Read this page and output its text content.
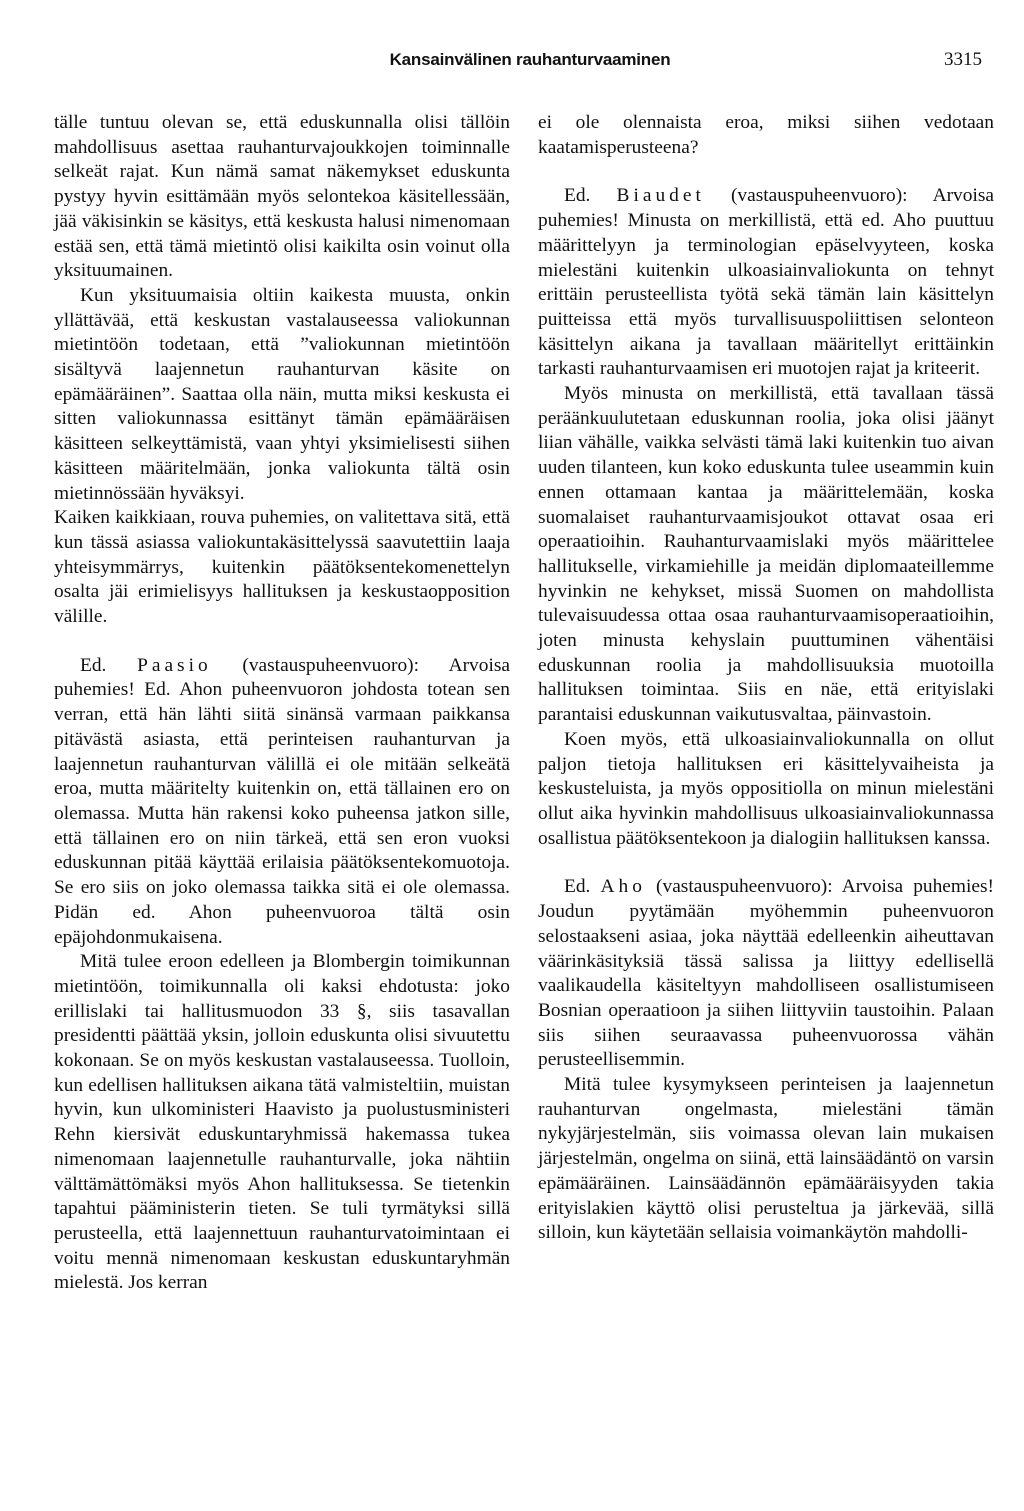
Kansainvälinen rauhanturvaaminen	3315

tälle tuntuu olevan se, että eduskunnalla olisi tällöin mahdollisuus asettaa rauhanturvajoukkojen toiminnalle selkeät rajat. Kun nämä samat näkemykset eduskunta pystyy hyvin esittämään myös selontekoa käsitellessään, jää väkisinkin se käsitys, että keskusta halusi nimenomaan estää sen, että tämä mietintö olisi kaikilta osin voinut olla yksituumainen.

Kun yksituumaisia oltiin kaikesta muusta, onkin yllättävää, että keskustan vastalauseessa valiokunnan mietintöön todetaan, että ”valiokunnan mietintöön sisältyvä laajennetun rauhanturvan käsite on epämääräinen”. Saattaa olla näin, mutta miksi keskusta ei sitten valiokunnassa esittänyt tämän epämääräisen käsitteen selkeyttämistä, vaan yhtyi yksimielisesti siihen käsitteen määritelmään, jonka valiokunta tältä osin mietinnössään hyväksyi.

Kaiken kaikkiaan, rouva puhemies, on valitettava sitä, että kun tässä asiassa valiokuntakäsittelyssä saavutettiin laaja yhteisymmärrys, kuitenkin päätöksentekomenettelyn osalta jäi erimielisyys hallituksen ja keskustaopposition välille.

Ed. Paasio (vastauspuheenvuoro): Arvoisa puhemies! Ed. Ahon puheenvuoron johdosta totean sen verran, että hän lähti siitä sinänsä varmaan paikkansa pitävästä asiasta, että perinteisen rauhanturvan ja laajennetun rauhanturvan välillä ei ole mitään selkeätä eroa, mutta määritelty kuitenkin on, että tällainen ero on olemassa. Mutta hän rakensi koko puheensa jatkon sille, että tällainen ero on niin tärkeä, että sen eron vuoksi eduskunnan pitää käyttää erilaisia päätöksentekomuotoja. Se ero siis on joko olemassa taikka sitä ei ole olemassa. Pidän ed. Ahon puheenvuoroa tältä osin epäjohdonmukaisena.

Mitä tulee eroon edelleen ja Blombergin toimikunnan mietintöön, toimikunnalla oli kaksi ehdotusta: joko erillislaki tai hallitusmuodon 33 §, siis tasavallan presidentti päättää yksin, jolloin eduskunta olisi sivuutettu kokonaan. Se on myös keskustan vastalauseessa. Tuolloin, kun edellisen hallituksen aikana tätä valmisteltiin, muistan hyvin, kun ulkoministeri Haavisto ja puolustusministeri Rehn kiersivät eduskuntaryhmissä hakemassa tukea nimenomaan laajennetulle rauhanturvalle, joka nähtiin välttämättömäksi myös Ahon hallituksessa. Se tietenkin tapahtui pääministerin tieten. Se tuli tyrmätyksi sillä perusteella, että laajennettuun rauhanturvatoimintaan ei voitu mennä nimenomaan keskustan eduskuntaryhmän mielestä. Jos kerran

ei ole olennaista eroa, miksi siihen vedotaan kaatamisperusteena?

Ed. Biaudet (vastauspuheenvuoro): Arvoisa puhemies! Minusta on merkillistä, että ed. Aho puuttuu määrittelyyn ja terminologian epäselvyyteen, koska mielestäni kuitenkin ulkoasiainvaliokunta on tehnyt erittäin perusteellista työtä sekä tämän lain käsittelyn puitteissa että myös turvallisuuspoliittisen selonteon käsittelyn aikana ja tavallaan määritellyt erittäinkin tarkasti rauhanturvaamisen eri muotojen rajat ja kriteerit.

Myös minusta on merkillistä, että tavallaan tässä peräänkuulutetaan eduskunnan roolia, joka olisi jäänyt liian vähälle, vaikka selvästi tämä laki kuitenkin tuo aivan uuden tilanteen, kun koko eduskunta tulee useammin kuin ennen ottamaan kantaa ja määrittelemään, koska suomalaiset rauhanturvaamisjoukot ottavat osaa eri operaatioihin. Rauhanturvaamislaki myös määrittelee hallitukselle, virkamiehille ja meidän diplomaateillemme hyvinkin ne kehykset, missä Suomen on mahdollista tulevaisuudessa ottaa osaa rauhanturvaamisoperaatioihin, joten minusta kehyslain puuttuminen vähentäisi eduskunnan roolia ja mahdollisuuksia muotoilla hallituksen toimintaa. Siis en näe, että erityislaki parantaisi eduskunnan vaikutusvaltaa, päinvastoin.

Koen myös, että ulkoasiainvaliokunnalla on ollut paljon tietoja hallituksen eri käsittelyvaiheista ja keskusteluista, ja myös oppositiolla on minun mielestäni ollut aika hyvinkin mahdollisuus ulkoasiainvaliokunnassa osallistua päätöksentekoon ja dialogiin hallituksen kanssa.

Ed. Aho (vastauspuheenvuoro): Arvoisa puhemies! Joudun pyytämään myöhemmin puheenvuoron selostaakseni asiaa, joka näyttää edelleenkin aiheuttavan väärinkäsityksiä tässä salissa ja liittyy edellisellä vaalikaudella käsiteltyyn mahdolliseen osallistumiseen Bosnian operaatioon ja siihen liittyviin taustoihin. Palaan siis siihen seuraavassa puheenvuorossa vähän perusteellisemmin.

Mitä tulee kysymykseen perinteisen ja laajennetun rauhanturvan ongelmasta, mielestäni tämän nykyjärjestelmän, siis voimassa olevan lain mukaisen järjestelmän, ongelma on siinä, että lainsäädäntö on varsin epämääräinen. Lainsäädännön epämääräisyyden takia erityislakien käyttö olisi perusteltua ja järkevää, sillä silloin, kun käytetään sellaisia voimankäytön mahdolli-
